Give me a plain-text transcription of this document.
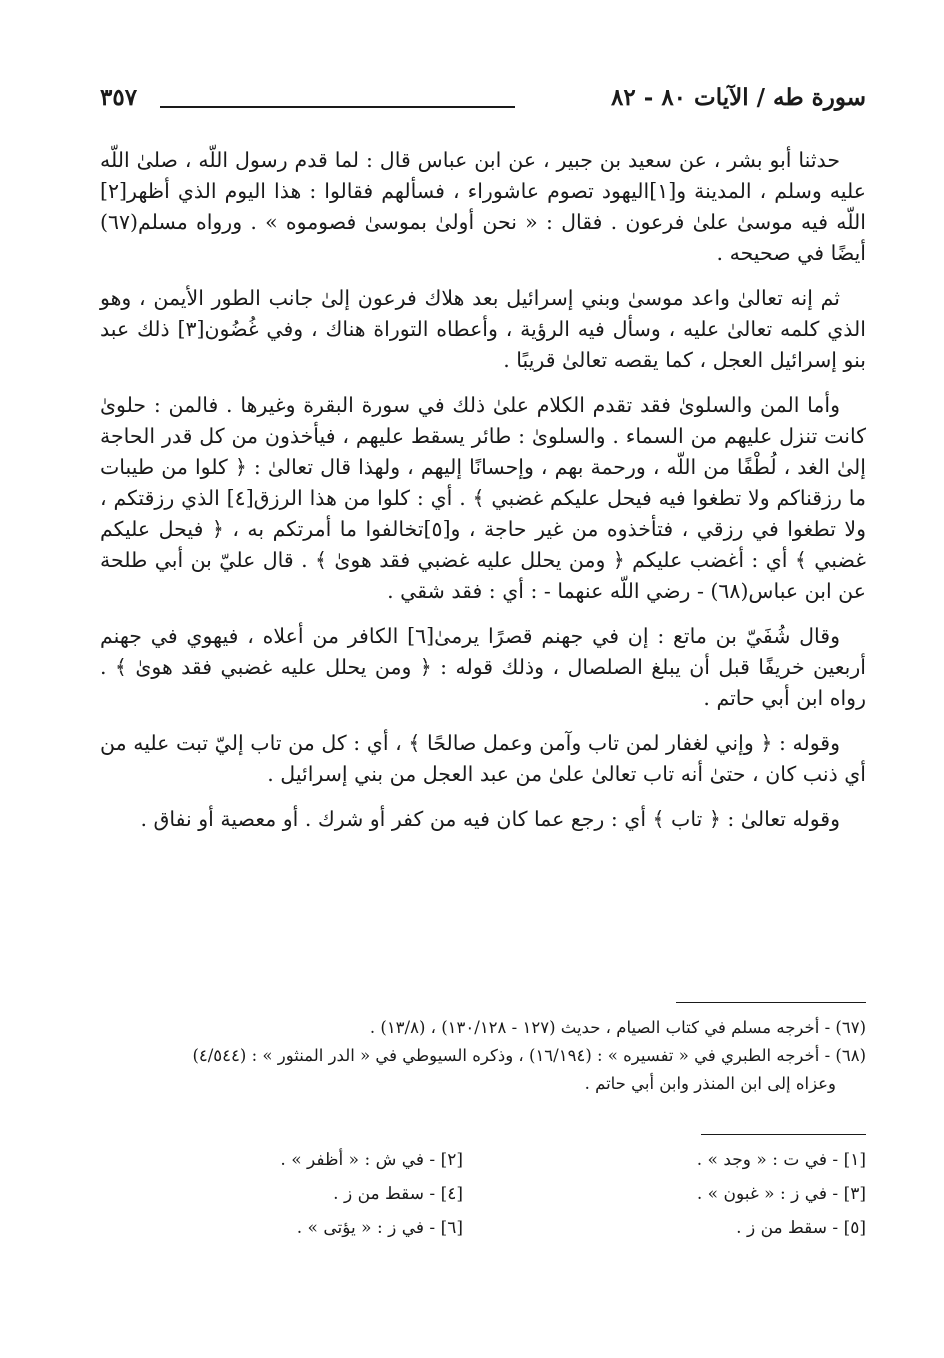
سورة طه / الآيات ٨٠ - ٨٢
٣٥٧

حدثنا أبو بشر ، عن سعيد بن جبير ، عن ابن عباس قال : لما قدم رسول اللّه ، صلىٰ اللّه عليه وسلم ، المدينة و[١]اليهود تصوم عاشوراء ، فسألهم فقالوا : هذا اليوم الذي أظهر[٢] اللّه فيه موسىٰ علىٰ فرعون . فقال : « نحن أولىٰ بموسىٰ فصوموه » . ورواه مسلم(٦٧) أيضًا في صحيحه .

ثم إنه تعالىٰ واعد موسىٰ وبني إسرائيل بعد هلاك فرعون إلىٰ جانب الطور الأيمن ، وهو الذي كلمه تعالىٰ عليه ، وسأل فيه الرؤية ، وأعطاه التوراة هناك ، وفي غُضُون[٣] ذلك عبد بنو إسرائيل العجل ، كما يقصه تعالىٰ قريبًا .

وأما المن والسلوىٰ فقد تقدم الكلام علىٰ ذلك في سورة البقرة وغيرها . فالمن : حلوىٰ كانت تنزل عليهم من السماء . والسلوىٰ : طائر يسقط عليهم ، فيأخذون من كل قدر الحاجة إلىٰ الغد ، لُطْفًا من اللّه ، ورحمة بهم ، وإحسانًا إليهم ، ولهذا قال تعالىٰ : ﴿ كلوا من طيبات ما رزقناكم ولا تطغوا فيه فيحل عليكم غضبي ﴾ . أي : كلوا من هذا الرزق[٤] الذي رزقتكم ، ولا تطغوا في رزقي ، فتأخذوه من غير حاجة ، و[٥]تخالفوا ما أمرتكم به ، ﴿ فيحل عليكم غضبي ﴾ أي : أغضب عليكم ﴿ ومن يحلل عليه غضبي فقد هوىٰ ﴾ . قال عليّ بن أبي طلحة عن ابن عباس(٦٨) - رضي اللّه عنهما - : أي : فقد شقي .

وقال شُفَيّ بن ماتع : إن في جهنم قصرًا يرمىٰ[٦] الكافر من أعلاه ، فيهوي في جهنم أربعين خريفًا قبل أن يبلغ الصلصال ، وذلك قوله : ﴿ ومن يحلل عليه غضبي فقد هوىٰ ﴾ . رواه ابن أبي حاتم .

وقوله : ﴿ وإني لغفار لمن تاب وآمن وعمل صالحًا ﴾ ، أي : كل من تاب إليّ تبت عليه من أي ذنب كان ، حتىٰ أنه تاب تعالىٰ علىٰ من عبد العجل من بني إسرائيل .

وقوله تعالىٰ : ﴿ تاب ﴾ أي : رجع عما كان فيه من كفر أو شرك . أو معصية أو نفاق .

(٦٧) - أخرجه مسلم في كتاب الصيام ، حديث (١٢٧ - ١٣٠/١٢٨) ، (١٣/٨) .

(٦٨) - أخرجه الطبري في « تفسيره » : (١٦/١٩٤) ، وذكره السيوطي في « الدر المنثور » : (٤/٥٤٤)

وعزاه إلى ابن المنذر وابن أبي حاتم .

[١] - في ت : « وجد » .
[٢] - في ش : « أظفر » .
[٣] - في ز : « غبون » .
[٤] - سقط من ز .
[٥] - سقط من ز .
[٦] - في ز : « يؤتى » .
